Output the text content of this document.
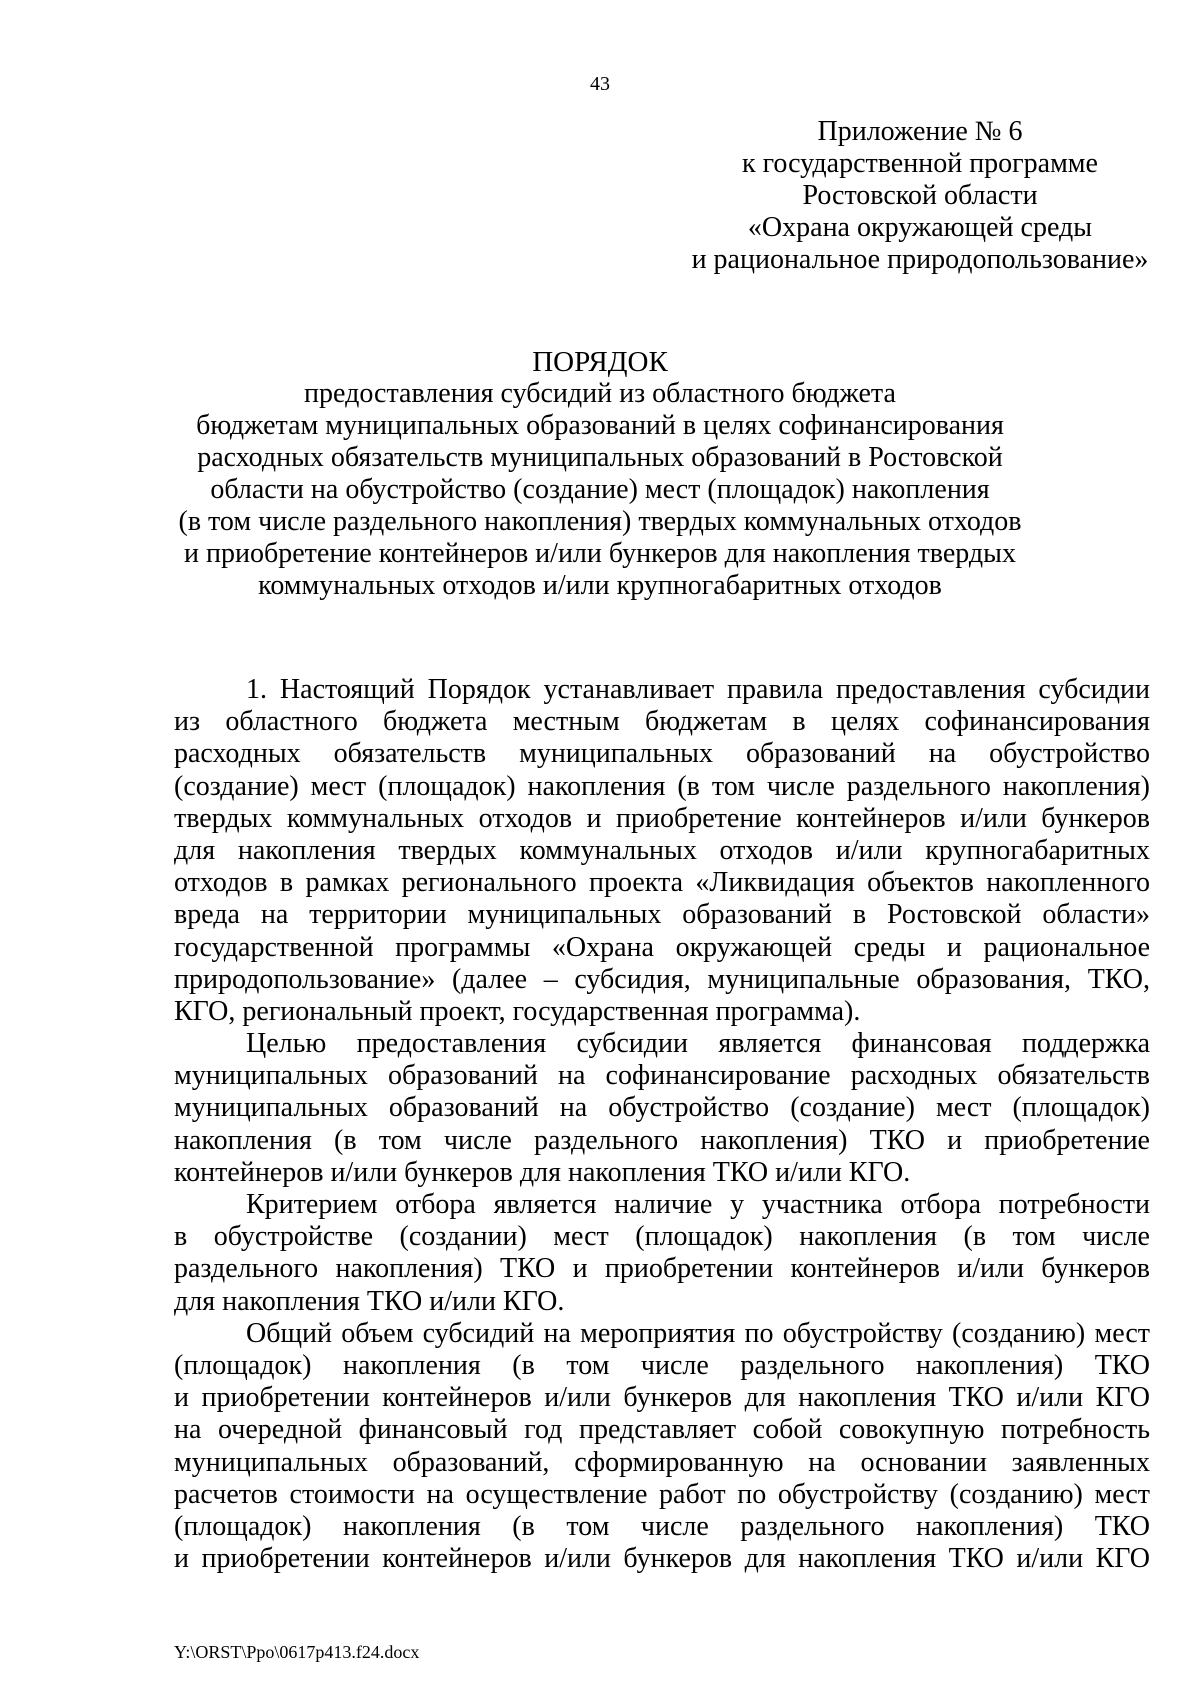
43
Приложение № 6
к государственной программе
Ростовской области
«Охрана окружающей среды
и рациональное природопользование»
ПОРЯДОК
предоставления субсидий из областного бюджета
бюджетам муниципальных образований в целях софинансирования
расходных обязательств муниципальных образований в Ростовской
области на обустройство (создание) мест (площадок) накопления
(в том числе раздельного накопления) твердых коммунальных отходов
и приобретение контейнеров и/или бункеров для накопления твердых
коммунальных отходов и/или крупногабаритных отходов
1. Настоящий Порядок устанавливает правила предоставления субсидии
из областного бюджета местным бюджетам в целях софинансирования
расходных обязательств муниципальных образований на обустройство
(создание) мест (площадок) накопления (в том числе раздельного накопления)
твердых коммунальных отходов и приобретение контейнеров и/или бункеров
для накопления твердых коммунальных отходов и/или крупногабаритных
отходов в рамках регионального проекта «Ликвидация объектов накопленного
вреда на территории муниципальных образований в Ростовской области»
государственной программы «Охрана окружающей среды и рациональное
природопользование» (далее – субсидия, муниципальные образования, ТКО,
КГО, региональный проект, государственная программа).
Целью предоставления субсидии является финансовая поддержка
муниципальных образований на софинансирование расходных обязательств
муниципальных образований на обустройство (создание) мест (площадок)
накопления (в том числе раздельного накопления) ТКО и приобретение
контейнеров и/или бункеров для накопления ТКО и/или КГО.
Критерием отбора является наличие у участника отбора потребности
в обустройстве (создании) мест (площадок) накопления (в том числе
раздельного накопления) ТКО и приобретении контейнеров и/или бункеров
для накопления ТКО и/или КГО.
Общий объем субсидий на мероприятия по обустройству (созданию) мест
(площадок) накопления (в том числе раздельного накопления) ТКО
и приобретении контейнеров и/или бункеров для накопления ТКО и/или КГО
на очередной финансовый год представляет собой совокупную потребность
муниципальных образований, сформированную на основании заявленных
расчетов стоимости на осуществление работ по обустройству (созданию) мест
(площадок) накопления (в том числе раздельного накопления) ТКО
и приобретении контейнеров и/или бункеров для накопления ТКО и/или КГО
Y:\ORST\Ppo\0617p413.f24.docx
